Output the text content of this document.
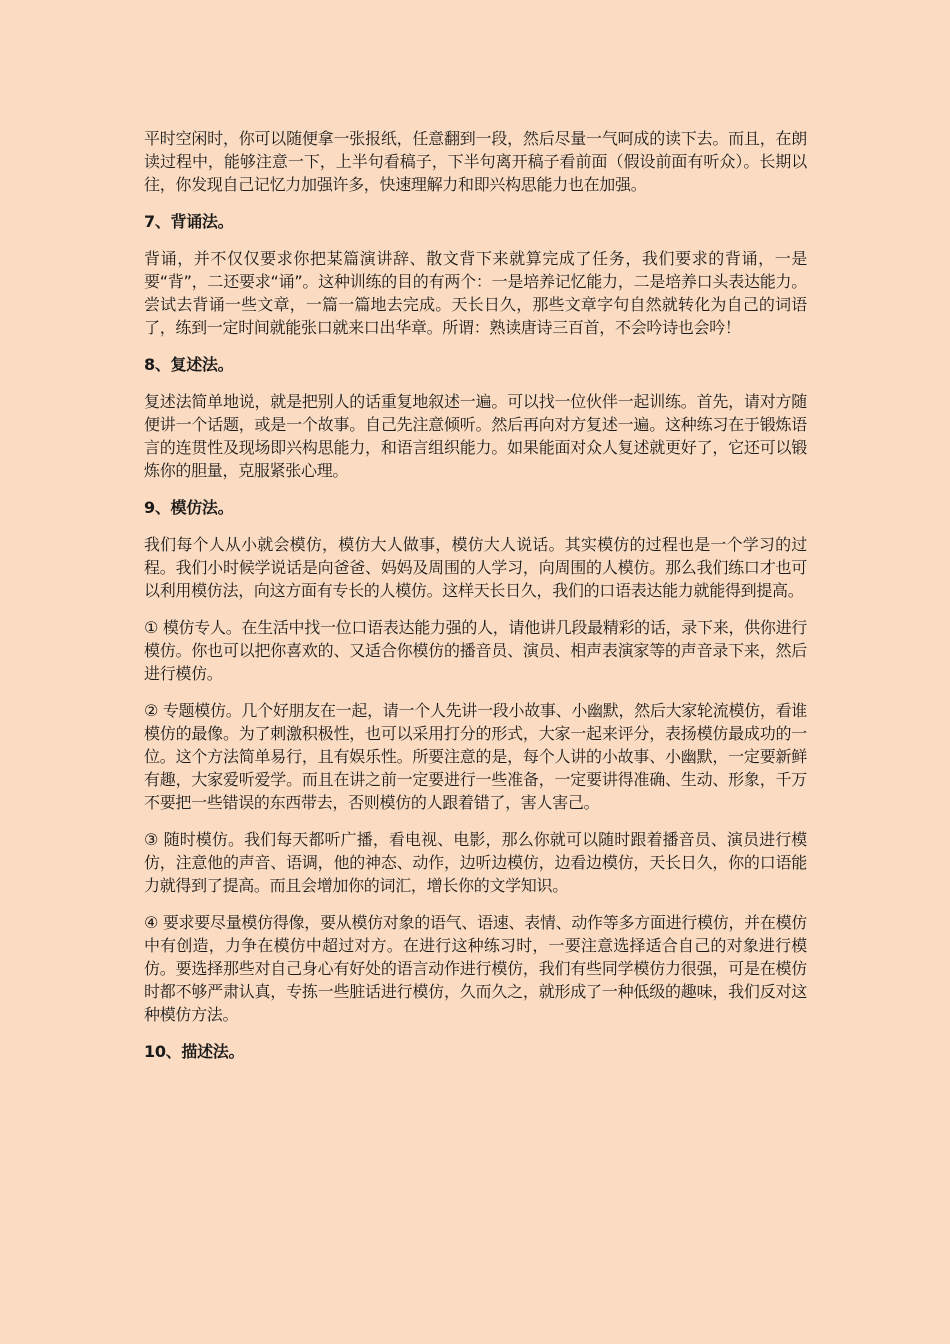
平时空闲时，你可以随便拿一张报纸，任意翻到一段，然后尽量一气呵成的读下去。而且，在朗读过程中，能够注意一下，上半句看稿子，下半句离开稿子看前面（假设前面有听众）。长期以往，你发现自己记忆力加强许多，快速理解力和即兴构思能力也在加强。

7、背诵法。

背诵，并不仅仅要求你把某篇演讲辞、散文背下来就算完成了任务，我们要求的背诵，一是要“背”，二还要求“诵”。这种训练的目的有两个：一是培养记忆能力，二是培养口头表达能力。尝试去背诵一些文章，一篇一篇地去完成。天长日久，那些文章字句自然就转化为自己的词语了，练到一定时间就能张口就来口出华章。所谓：熟读唐诗三百首，不会吟诗也会吟！

8、复述法。

复述法简单地说，就是把别人的话重复地叙述一遍。可以找一位伙伴一起训练。首先，请对方随便讲一个话题，或是一个故事。自己先注意倾听。然后再向对方复述一遍。这种练习在于锻炼语言的连贯性及现场即兴构思能力，和语言组织能力。如果能面对众人复述就更好了，它还可以锻炼你的胆量，克服紧张心理。

9、模仿法。

我们每个人从小就会模仿，模仿大人做事，模仿大人说话。其实模仿的过程也是一个学习的过程。我们小时候学说话是向爸爸、妈妈及周围的人学习，向周围的人模仿。那么我们练口才也可以利用模仿法，向这方面有专长的人模仿。这样天长日久，我们的口语表达能力就能得到提高。

① 模仿专人。在生活中找一位口语表达能力强的人，请他讲几段最精彩的话，录下来，供你进行模仿。你也可以把你喜欢的、又适合你模仿的播音员、演员、相声表演家等的声音录下来，然后进行模仿。

② 专题模仿。几个好朋友在一起，请一个人先讲一段小故事、小幽默，然后大家轮流模仿，看谁模仿的最像。为了刺激积极性，也可以采用打分的形式，大家一起来评分，表扬模仿最成功的一位。这个方法简单易行，且有娱乐性。所要注意的是，每个人讲的小故事、小幽默，一定要新鲜有趣，大家爱听爱学。而且在讲之前一定要进行一些准备，一定要讲得准确、生动、形象，千万不要把一些错误的东西带去，否则模仿的人跟着错了，害人害己。

③ 随时模仿。我们每天都听广播，看电视、电影，那么你就可以随时跟着播音员、演员进行模仿，注意他的声音、语调，他的神态、动作，边听边模仿，边看边模仿，天长日久，你的口语能力就得到了提高。而且会增加你的词汇，增长你的文学知识。

④ 要求要尽量模仿得像，要从模仿对象的语气、语速、表情、动作等多方面进行模仿，并在模仿中有创造，力争在模仿中超过对方。在进行这种练习时，一要注意选择适合自己的对象进行模仿。要选择那些对自己身心有好处的语言动作进行模仿，我们有些同学模仿力很强，可是在模仿时都不够严肃认真，专拣一些脏话进行模仿，久而久之，就形成了一种低级的趣味，我们反对这种模仿方法。

10、描述法。
